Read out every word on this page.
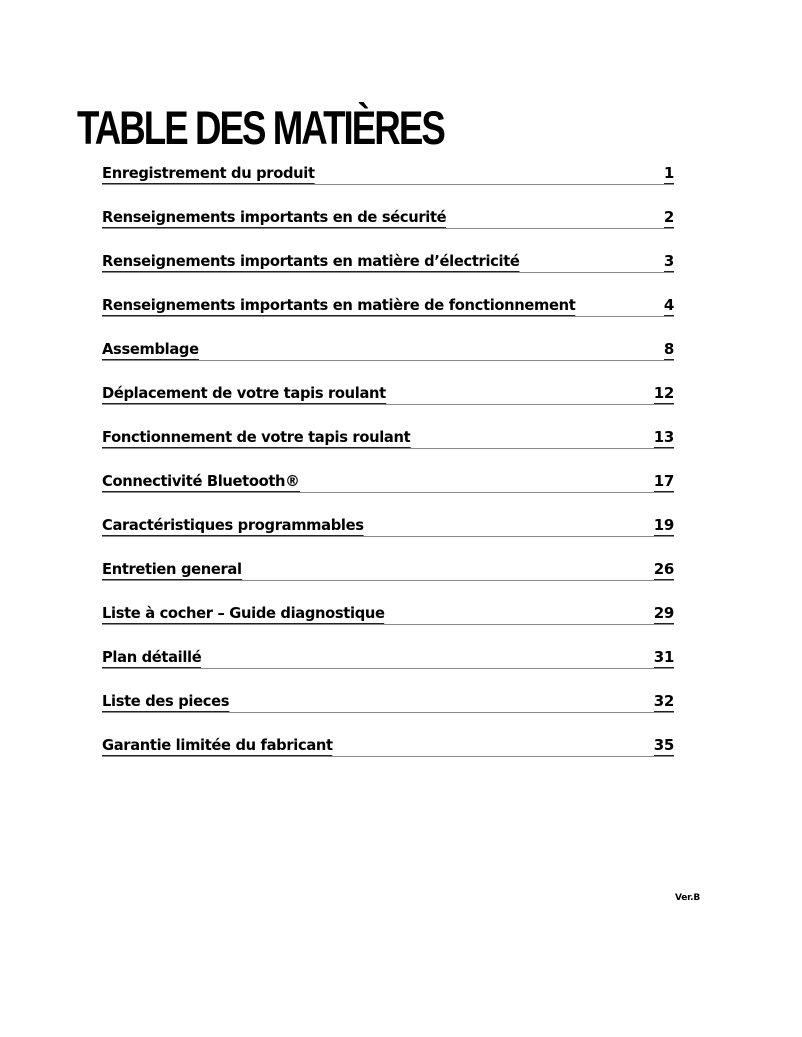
TABLE DES MATIÈRES
Enregistrement du produit	1
Renseignements importants en de sécurité	2
Renseignements importants en matière d’électricité	3
Renseignements importants en matière de fonctionnement	4
Assemblage	8
Déplacement de votre tapis roulant	12
Fonctionnement de votre tapis roulant	13
Connectivité Bluetooth®	17
Caractéristiques programmables	19
Entretien general	26
Liste à cocher – Guide diagnostique	29
Plan détaillé	31
Liste des pieces	32
Garantie limitée du fabricant	35
Ver.B
